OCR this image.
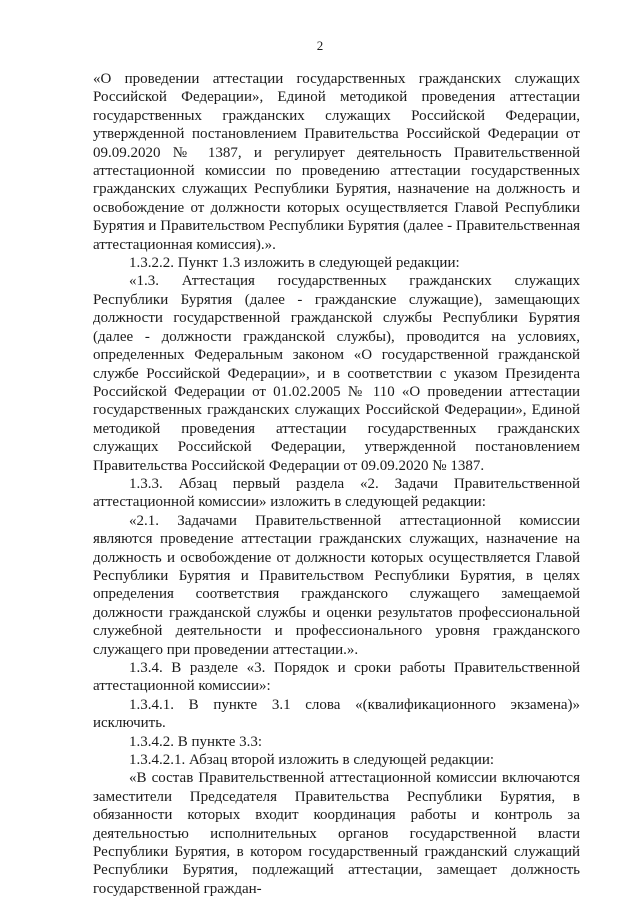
2

«О проведении аттестации государственных гражданских служащих Российской Федерации», Единой методикой проведения аттестации государственных гражданских служащих Российской Федерации, утвержденной постановлением Правительства Российской Федерации от 09.09.2020 № 1387, и регулирует деятельность Правительственной аттестационной комиссии по проведению аттестации государственных гражданских служащих Республики Бурятия, назначение на должность и освобождение от должности которых осуществляется Главой Республики Бурятия и Правительством Республики Бурятия (далее - Правительственная аттестационная комиссия).».

1.3.2.2. Пункт 1.3 изложить в следующей редакции:

«1.3. Аттестация государственных гражданских служащих Республики Бурятия (далее - гражданские служащие), замещающих должности государственной гражданской службы Республики Бурятия (далее - должности гражданской службы), проводится на условиях, определенных Федеральным законом «О государственной гражданской службе Российской Федерации», и в соответствии с указом Президента Российской Федерации от 01.02.2005 № 110 «О проведении аттестации государственных гражданских служащих Российской Федерации», Единой методикой проведения аттестации государственных гражданских служащих Российской Федерации, утвержденной постановлением Правительства Российской Федерации от 09.09.2020 № 1387.

1.3.3. Абзац первый раздела «2. Задачи Правительственной аттестационной комиссии» изложить в следующей редакции:

«2.1. Задачами Правительственной аттестационной комиссии являются проведение аттестации гражданских служащих, назначение на должность и освобождение от должности которых осуществляется Главой Республики Бурятия и Правительством Республики Бурятия, в целях определения соответствия гражданского служащего замещаемой должности гражданской службы и оценки результатов профессиональной служебной деятельности и профессионального уровня гражданского служащего при проведении аттестации.».

1.3.4. В разделе «3. Порядок и сроки работы Правительственной аттестационной комиссии»:

1.3.4.1. В пункте 3.1 слова «(квалификационного экзамена)» исключить.

1.3.4.2. В пункте 3.3:

1.3.4.2.1. Абзац второй изложить в следующей редакции:

«В состав Правительственной аттестационной комиссии включаются заместители Председателя Правительства Республики Бурятия, в обязанности которых входит координация работы и контроль за деятельностью исполнительных органов государственной власти Республики Бурятия, в котором государственный гражданский служащий Республики Бурятия, подлежащий аттестации, замещает должность государственной граждан-
